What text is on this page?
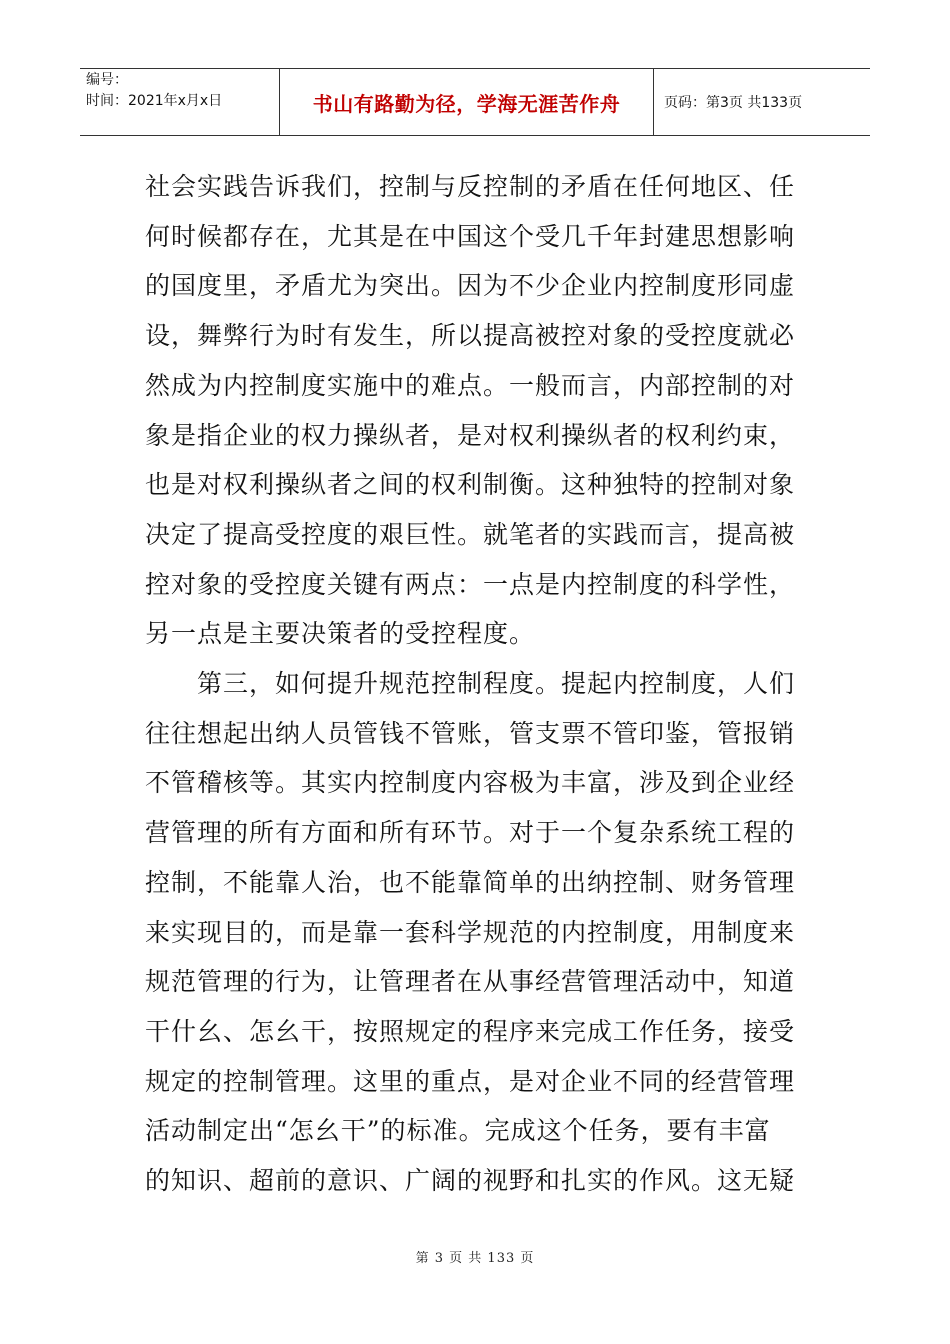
编号：
时间：2021年x月x日	书山有路勤为径，学海无涯苦作舟	页码：第3页 共133页

社会实践告诉我们，控制与反控制的矛盾在任何地区、任

何时候都存在，尤其是在中国这个受几千年封建思想影响

的国度里，矛盾尤为突出。因为不少企业内控制度形同虚

设，舞弊行为时有发生，所以提高被控对象的受控度就必

然成为内控制度实施中的难点。一般而言，内部控制的对

象是指企业的权力操纵者，是对权利操纵者的权利约束，

也是对权利操纵者之间的权利制衡。这种独特的控制对象

决定了提高受控度的艰巨性。就笔者的实践而言，提高被

控对象的受控度关键有两点：一点是内控制度的科学性，

另一点是主要决策者的受控程度。

　　第三，如何提升规范控制程度。提起内控制度，人们

往往想起出纳人员管钱不管账，管支票不管印鉴，管报销

不管稽核等。其实内控制度内容极为丰富，涉及到企业经

营管理的所有方面和所有环节。对于一个复杂系统工程的

控制，不能靠人治，也不能靠简单的出纳控制、财务管理

来实现目的，而是靠一套科学规范的内控制度，用制度来

规范管理的行为，让管理者在从事经营管理活动中，知道

干什幺、怎幺干，按照规定的程序来完成工作任务，接受

规定的控制管理。这里的重点，是对企业不同的经营管理

活动制定出“怎幺干”的标准。完成这个任务，要有丰富

的知识、超前的意识、广阔的视野和扎实的作风。这无疑

第 3 页 共 133 页
